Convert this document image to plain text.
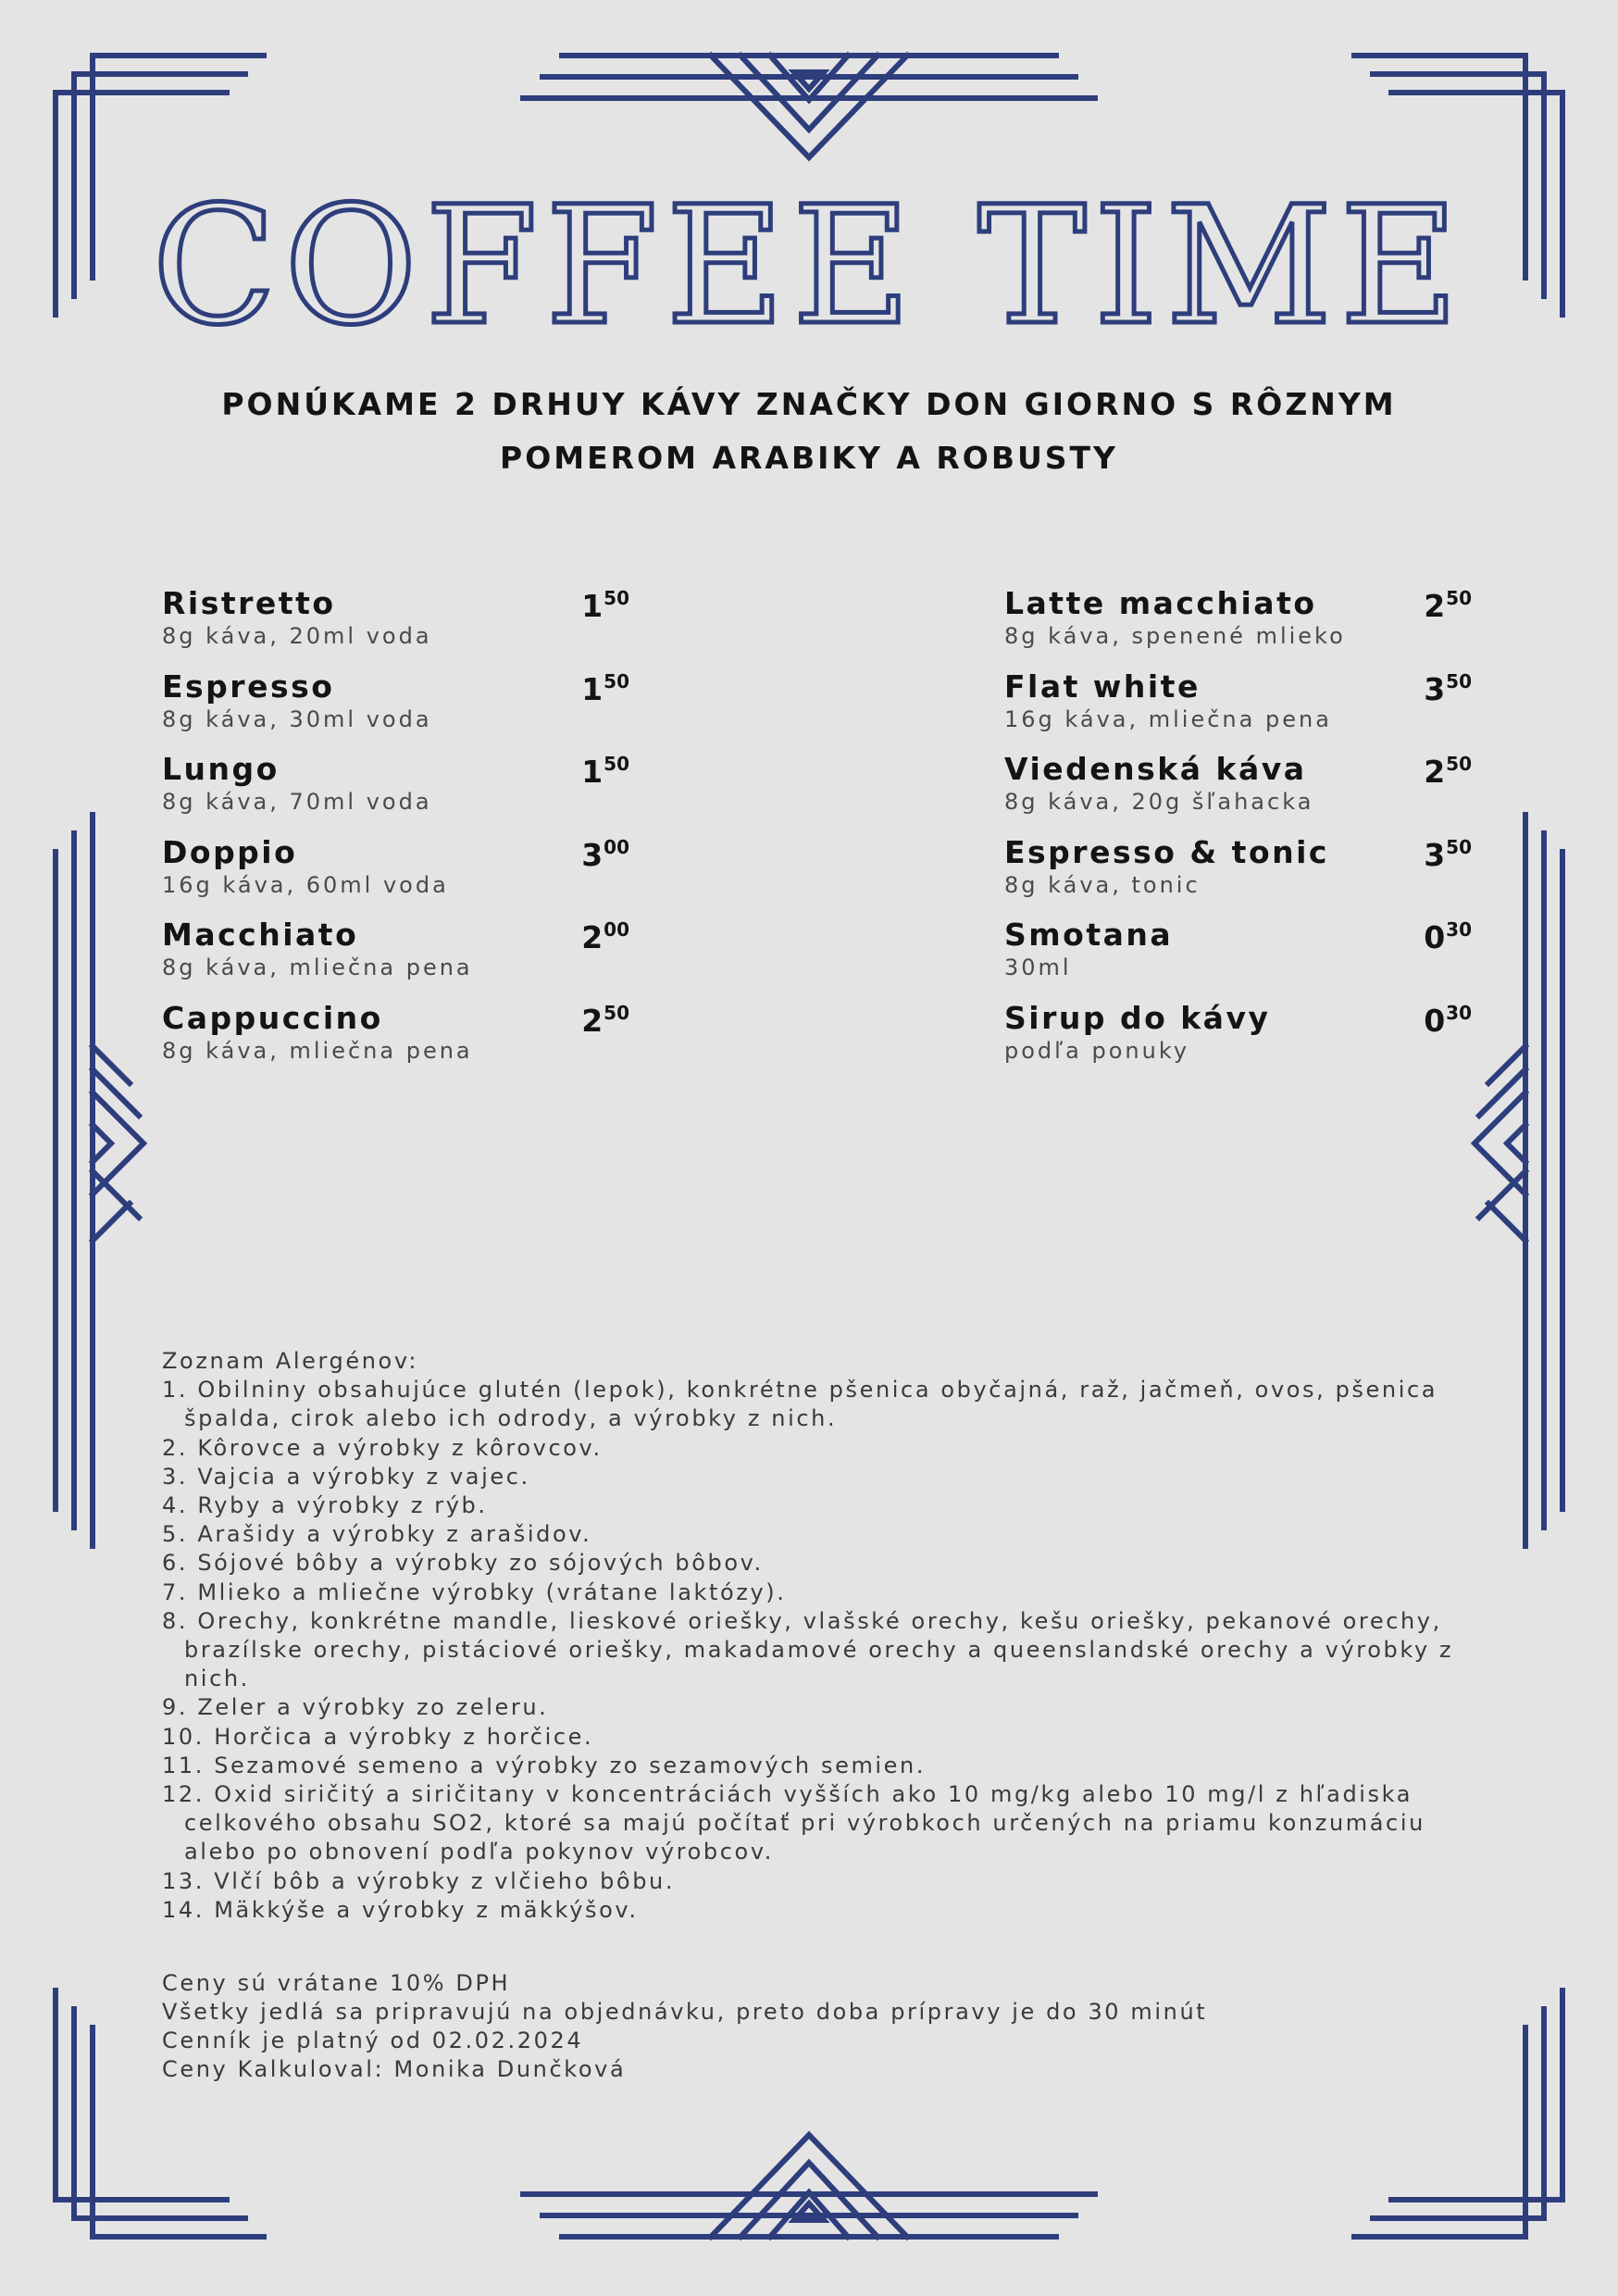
COFFEE TIME

PONÚKAME 2 DRHUY KÁVY ZNAČKY DON GIORNO S RÔZNYM
POMEROM ARABIKY A ROBUSTY

Ristretto
8g káva, 20ml voda
$1^{50}$
Espresso
8g káva, 30ml voda
$1^{50}$
Lungo
8g káva, 70ml voda
$1^{50}$
Doppio
16g káva, 60ml voda
$3^{00}$
Macchiato
8g káva, mliečna pena
$2^{00}$
Cappuccino
8g káva, mliečna pena
$2^{50}$
Latte macchiato
8g káva, spenené mlieko
$2^{50}$
Flat white
16g káva, mliečna pena
$3^{50}$
Viedenská káva
8g káva, 20g šľahacka
$2^{50}$
Espresso & tonic
8g káva, tonic
$3^{50}$
Smotana
30ml
$0^{30}$
Sirup do kávy
podľa ponuky
$0^{30}$
Zoznam Alergénov:
1. Obilniny obsahujúce glutén (lepok), konkrétne pšenica obyčajná, raž, jačmeň, ovos, pšenica špalda, cirok alebo ich odrody, a výrobky z nich.
2. Kôrovce a výrobky z kôrovcov.
3. Vajcia a výrobky z vajec.
4. Ryby a výrobky z rýb.
5. Arašidy a výrobky z arašidov.
6. Sójové bôby a výrobky zo sójových bôbov.
7. Mlieko a mliečne výrobky (vrátane laktózy).
8. Orechy, konkrétne mandle, lieskové oriešky, vlašské orechy, kešu oriešky, pekanové orechy, brazílske orechy, pistáciové oriešky, makadamové orechy a queenslandské orechy a výrobky z nich.
9. Zeler a výrobky zo zeleru.
10. Horčica a výrobky z horčice.
11. Sezamové semeno a výrobky zo sezamových semien.
12. Oxid siričitý a siričitany v koncentráciách vyšších ako 10 mg/kg alebo 10 mg/l z hľadiska celkového obsahu SO2, ktoré sa majú počítať pri výrobkoch určených na priamu konzumáciu alebo po obnovení podľa pokynov výrobcov.
13. Vlčí bôb a výrobky z vlčieho bôbu.
14. Mäkkýše a výrobky z mäkkýšov.
Ceny sú vrátane 10% DPH
Všetky jedlá sa pripravujú na objednávku, preto doba prípravy je do 30 minút
Cenník je platný od 02.02.2024
Ceny Kalkuloval: Monika Dunčková
